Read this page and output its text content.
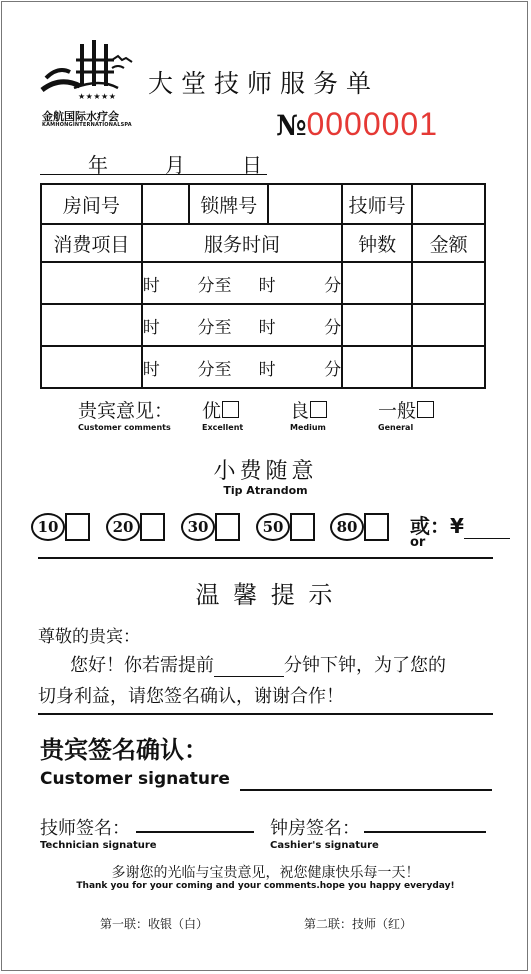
★★★★★
金航国际水疗会
KAMHONGINTERNATIONALSPA
大堂技师服务单
№0000001
年	月	日
房间号		锁牌号		技师号	
消费项目	服务时间			钟数	金额
	时 分至 时 分				
	时 分至 时 分				
	时 分至 时 分				
贵宾意见：
Customer comments
优
Excellent
良
Medium
一般
General
小费随意
Tip Atrandom
10	20	30	50	80	或：¥
or
温 馨 提 示
尊敬的贵宾：
您好！你若需提前	分钟下钟，为了您的
切身利益，请您签名确认，谢谢合作！
贵宾签名确认：
Customer signature
技师签名：
Technician signature
钟房签名：
Cashier's signature
多谢您的光临与宝贵意见，祝您健康快乐每一天！
Thank you for your coming and your comments.hope you happy everyday!
第一联：收银（白）	第二联：技师（红）
